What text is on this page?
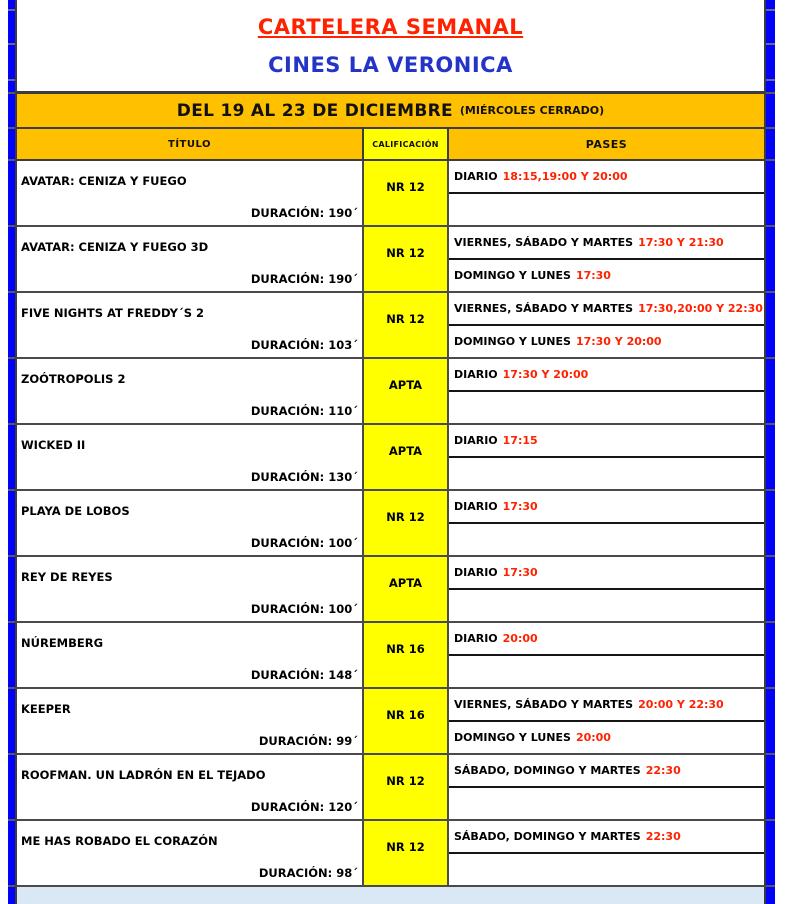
CARTELERA SEMANAL
CINES LA VERONICA
DEL 19 AL 23 DE DICIEMBRE (MIÉRCOLES CERRADO)
TÍTULO	CALIFICACIÓN	PASES
AVATAR: CENIZA Y FUEGO
DURACIÓN: 190´
NR 12
DIARIO 18:15,19:00 Y 20:00
AVATAR: CENIZA Y FUEGO 3D
DURACIÓN: 190´
NR 12
VIERNES, SÁBADO Y MARTES 17:30 Y 21:30
DOMINGO Y LUNES 17:30
FIVE NIGHTS AT FREDDY´S 2
DURACIÓN: 103´
NR 12
VIERNES, SÁBADO Y MARTES 17:30,20:00 Y 22:30
DOMINGO Y LUNES 17:30 Y 20:00
ZOÓTROPOLIS 2
DURACIÓN: 110´
APTA
DIARIO 17:30 Y 20:00
WICKED II
DURACIÓN: 130´
APTA
DIARIO 17:15
PLAYA DE LOBOS
DURACIÓN: 100´
NR 12
DIARIO 17:30
REY DE REYES
DURACIÓN: 100´
APTA
DIARIO 17:30
NÚREMBERG
DURACIÓN: 148´
NR 16
DIARIO 20:00
KEEPER
DURACIÓN: 99´
NR 16
VIERNES, SÁBADO Y MARTES 20:00 Y 22:30
DOMINGO Y LUNES 20:00
ROOFMAN. UN LADRÓN EN EL TEJADO
DURACIÓN: 120´
NR 12
SÁBADO, DOMINGO Y MARTES 22:30
ME HAS ROBADO EL CORAZÓN
DURACIÓN: 98´
NR 12
SÁBADO, DOMINGO Y MARTES 22:30
